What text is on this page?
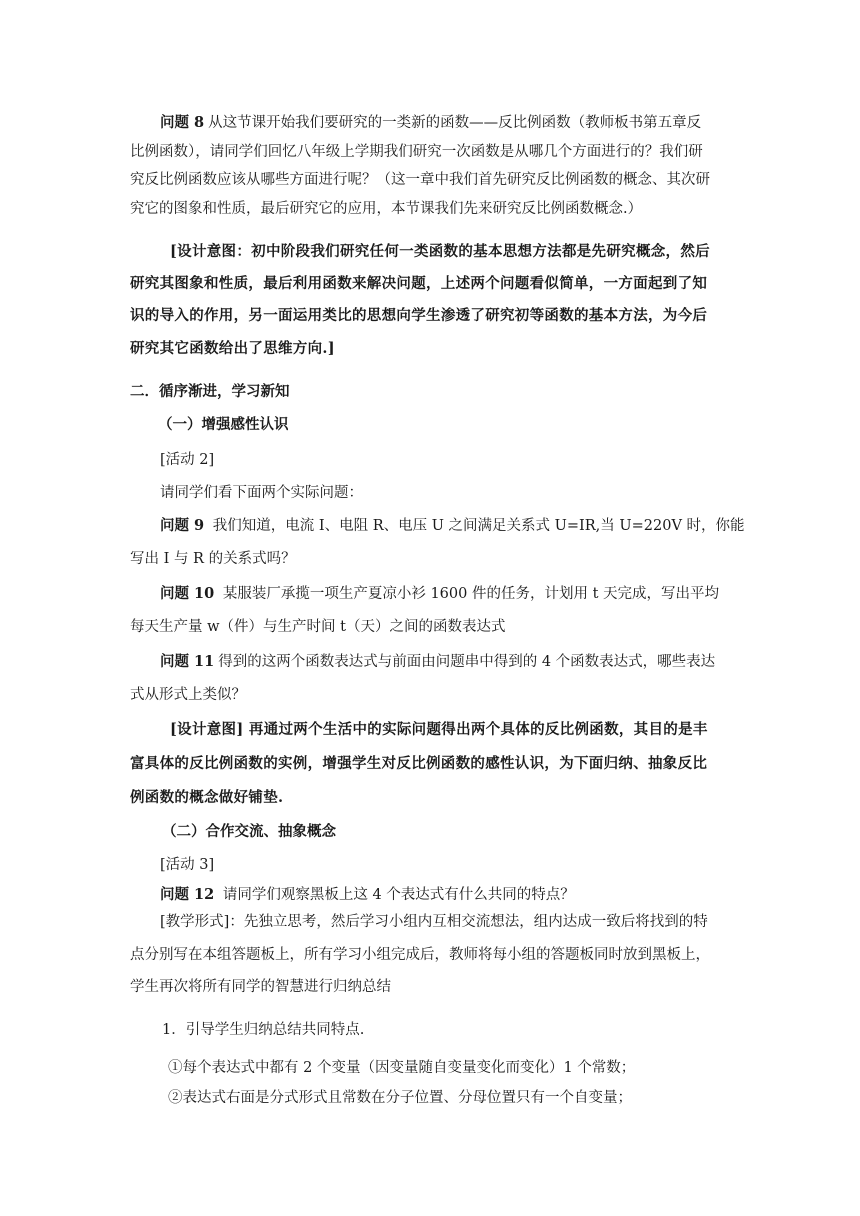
问题 8 从这节课开始我们要研究的一类新的函数——反比例函数（教师板书第五章反
比例函数），请同学们回忆八年级上学期我们研究一次函数是从哪几个方面进行的？我们研
究反比例函数应该从哪些方面进行呢？（这一章中我们首先研究反比例函数的概念、其次研
究它的图象和性质，最后研究它的应用，本节课我们先来研究反比例函数概念.）
[设计意图：初中阶段我们研究任何一类函数的基本思想方法都是先研究概念，然后
研究其图象和性质，最后利用函数来解决问题，上述两个问题看似简单，一方面起到了知
识的导入的作用，另一面运用类比的思想向学生渗透了研究初等函数的基本方法，为今后
研究其它函数给出了思维方向.]
二．循序渐进，学习新知
（一）增强感性认识
[活动 2]
请同学们看下面两个实际问题：
问题 9 我们知道，电流 I、电阻 R、电压 U 之间满足关系式 U=IR,当 U=220V 时，你能
写出 I 与 R 的关系式吗？
问题 10 某服装厂承揽一项生产夏凉小衫 1600 件的任务，计划用 t 天完成，写出平均
每天生产量 w（件）与生产时间 t（天）之间的函数表达式
问题 11 得到的这两个函数表达式与前面由问题串中得到的 4 个函数表达式，哪些表达
式从形式上类似？
[设计意图] 再通过两个生活中的实际问题得出两个具体的反比例函数，其目的是丰
富具体的反比例函数的实例，增强学生对反比例函数的感性认识，为下面归纳、抽象反比
例函数的概念做好铺垫.
（二）合作交流、抽象概念
[活动 3]
问题 12 请同学们观察黑板上这 4 个表达式有什么共同的特点？
[教学形式]：先独立思考，然后学习小组内互相交流想法，组内达成一致后将找到的特
点分别写在本组答题板上，所有学习小组完成后，教师将每小组的答题板同时放到黑板上，
学生再次将所有同学的智慧进行归纳总结
1．引导学生归纳总结共同特点.
①每个表达式中都有 2 个变量（因变量随自变量变化而变化）1 个常数；
②表达式右面是分式形式且常数在分子位置、分母位置只有一个自变量；
